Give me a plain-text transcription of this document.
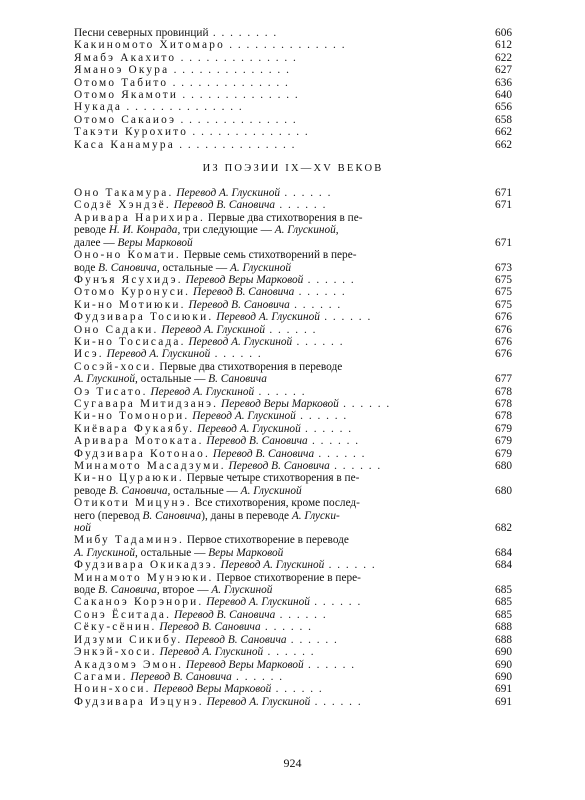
Песни северных провинций . . . . . . . .	606
Какиномото Хитомаро . . . . . . . . . . . . . .	612
Ямабэ Акахито . . . . . . . . . . . . . .	622
Яманоэ Окура . . . . . . . . . . . . . .	627
Отомо Табито . . . . . . . . . . . . . .	636
Отомо Якамоти . . . . . . . . . . . . . .	640
Нукада . . . . . . . . . . . . . .	656
Отомо Сакаиоэ . . . . . . . . . . . . . .	658
Такэти Курохито . . . . . . . . . . . . . .	662
Каса Канамура . . . . . . . . . . . . . .	662
ИЗ ПОЭЗИИ IX—XV ВЕКОВ
Оно Такамура. Перевод А. Глускиной . . . . . .	671
Содзё Хэндзё. Перевод В. Сановича . . . . . .	671
Аривара Нарихира. Первые два стихотворения в пе-
реводе Н. И. Конрада, три следующие — А. Глускиной,
далее — Веры Марковой	671
Оно-но Комати. Первые семь стихотворений в пере-
воде В. Сановича, остальные — А. Глускиной	673
Фунъя Ясухидэ. Перевод Веры Марковой . . . . . .	675
Отомо Куронуси. Перевод В. Сановича . . . . . .	675
Ки-но Мотиюки. Перевод В. Сановича . . . . . .	675
Фудзивара Тосиюки. Перевод А. Глускиной . . . . . .	676
Оно Садаки. Перевод А. Глускиной . . . . . .	676
Ки-но Тосисада. Перевод А. Глускиной . . . . . .	676
Исэ. Перевод А. Глускиной . . . . . .	676
Сосэй-хоси. Первые два стихотворения в переводе
А. Глускиной, остальные — В. Сановича	677
Оэ Тисато. Перевод А. Глускиной . . . . . .	678
Сугавара Митидзанэ. Перевод Веры Марковой . . . . . .	678
Ки-но Томонори. Перевод А. Глускиной . . . . . .	678
Киёвара Фукаябу. Перевод А. Глускиной . . . . . .	679
Аривара Мотоката. Перевод В. Сановича . . . . . .	679
Фудзивара Котонао. Перевод В. Сановича . . . . . .	679
Минамото Масадзуми. Перевод В. Сановича . . . . . .	680
Ки-но Цураюки. Первые четыре стихотворения в пе-
реводе В. Сановича, остальные — А. Глускиной	680
Отикоти Мицунэ. Все стихотворения, кроме послед-
него (перевод В. Сановича), даны в переводе А. Глуски-
ной	682
Мибу Тадаминэ. Первое стихотворение в переводе
А. Глускиной, остальные — Веры Марковой	684
Фудзивара Окикадзэ. Перевод А. Глускиной . . . . . .	684
Минамото Мунэюки. Первое стихотворение в пере-
воде В. Сановича, второе — А. Глускиной	685
Саканоэ Корэнори. Перевод А. Глускиной . . . . . .	685
Сонэ Ёситада. Перевод В. Сановича . . . . . .	685
Сёку-сёнин. Перевод В. Сановича . . . . . .	688
Идзуми Сикибу. Перевод В. Сановича . . . . . .	688
Энкэй-хоси. Перевод А. Глускиной . . . . . .	690
Акадзомэ Эмон. Перевод Веры Марковой . . . . . .	690
Сагами. Перевод В. Сановича . . . . . .	690
Ноин-хоси. Перевод Веры Марковой . . . . . .	691
Фудзивара Иэцунэ. Перевод А. Глускиной . . . . . .	691
924
